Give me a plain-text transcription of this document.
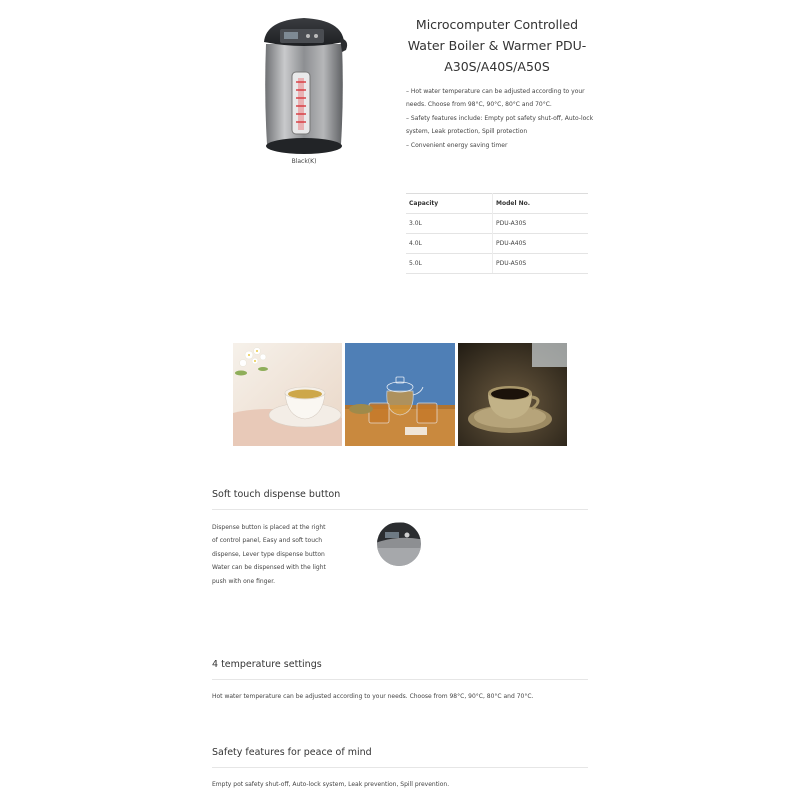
Black(K)
Microcomputer Controlled Water Boiler & Warmer PDU-A30S/A40S/A50S
– Hot water temperature can be adjusted according to your needs. Choose from 98°C, 90°C, 80°C and 70°C.
– Safety features include: Empty pot safety shut-off, Auto-lock system, Leak protection, Spill protection
– Convenient energy saving timer
Capacity	Model No.
3.0L	PDU-A30S
4.0L	PDU-A40S
5.0L	PDU-A50S
Soft touch dispense button
Dispense button is placed at the right of control panel, Easy and soft touch dispense, Lever type dispense button Water can be dispensed with the light push with one finger.
4 temperature settings
Hot water temperature can be adjusted according to your needs. Choose from 98°C, 90°C, 80°C and 70°C.
Safety features for peace of mind
Empty pot safety shut-off, Auto-lock system, Leak prevention, Spill prevention.
